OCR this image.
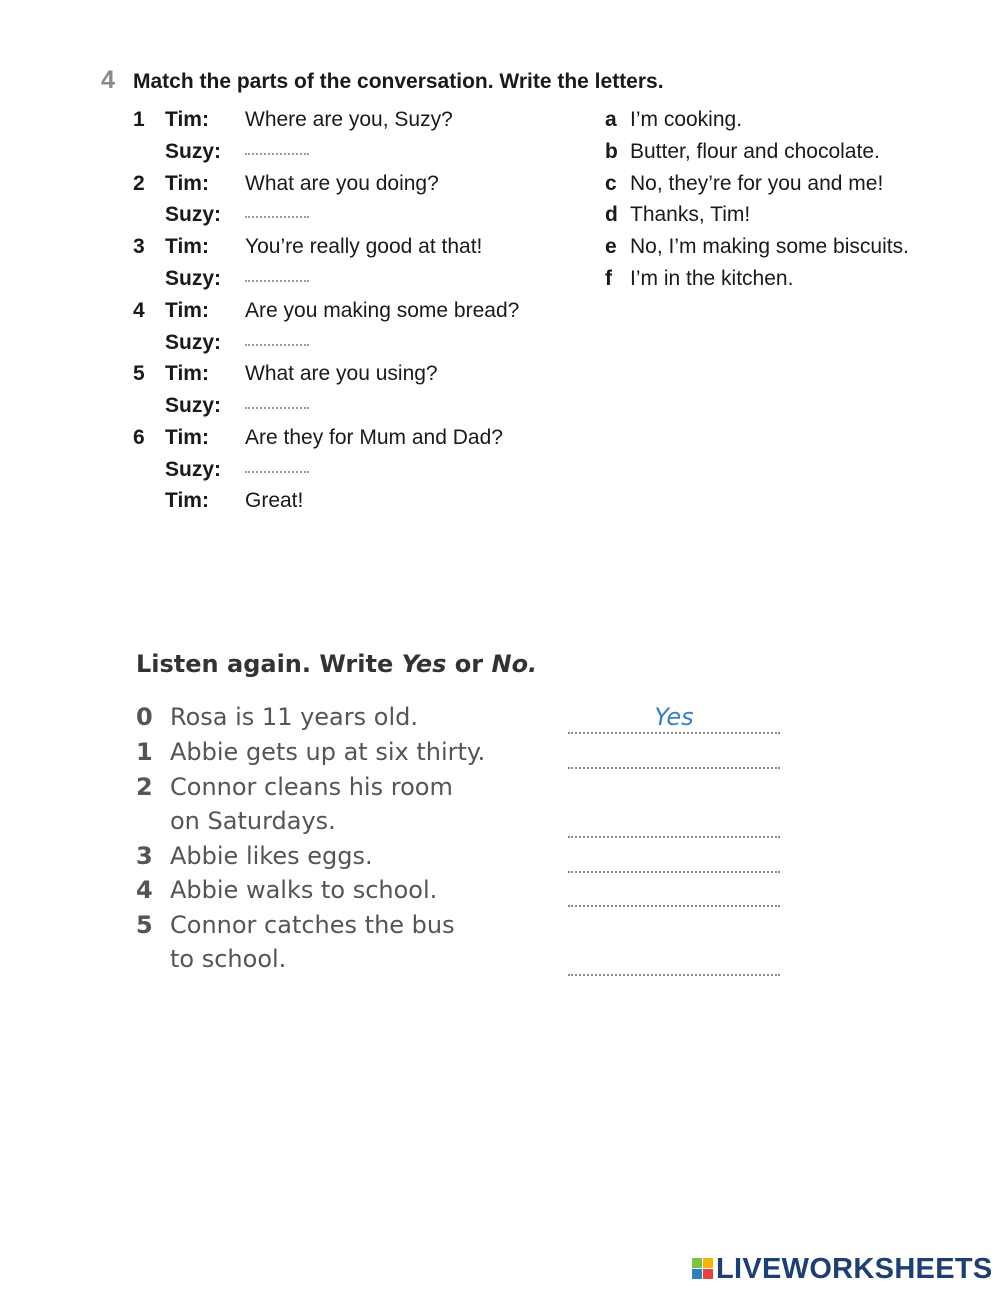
4 Match the parts of the conversation. Write the letters.
1 Tim: Where are you, Suzy?
Suzy:
2 Tim: What are you doing?
Suzy:
3 Tim: You’re really good at that!
Suzy:
4 Tim: Are you making some bread?
Suzy:
5 Tim: What are you using?
Suzy:
6 Tim: Are they for Mum and Dad?
Suzy:
Tim: Great!
a I’m cooking.
b Butter, flour and chocolate.
c No, they’re for you and me!
d Thanks, Tim!
e No, I’m making some biscuits.
f I’m in the kitchen.
Listen again. Write Yes or No.
0 Rosa is 11 years old.	Yes
1 Abbie gets up at six thirty.
2 Connor cleans his room
on Saturdays.
3 Abbie likes eggs.
4 Abbie walks to school.
5 Connor catches the bus
to school.
LIVEWORKSHEETS
